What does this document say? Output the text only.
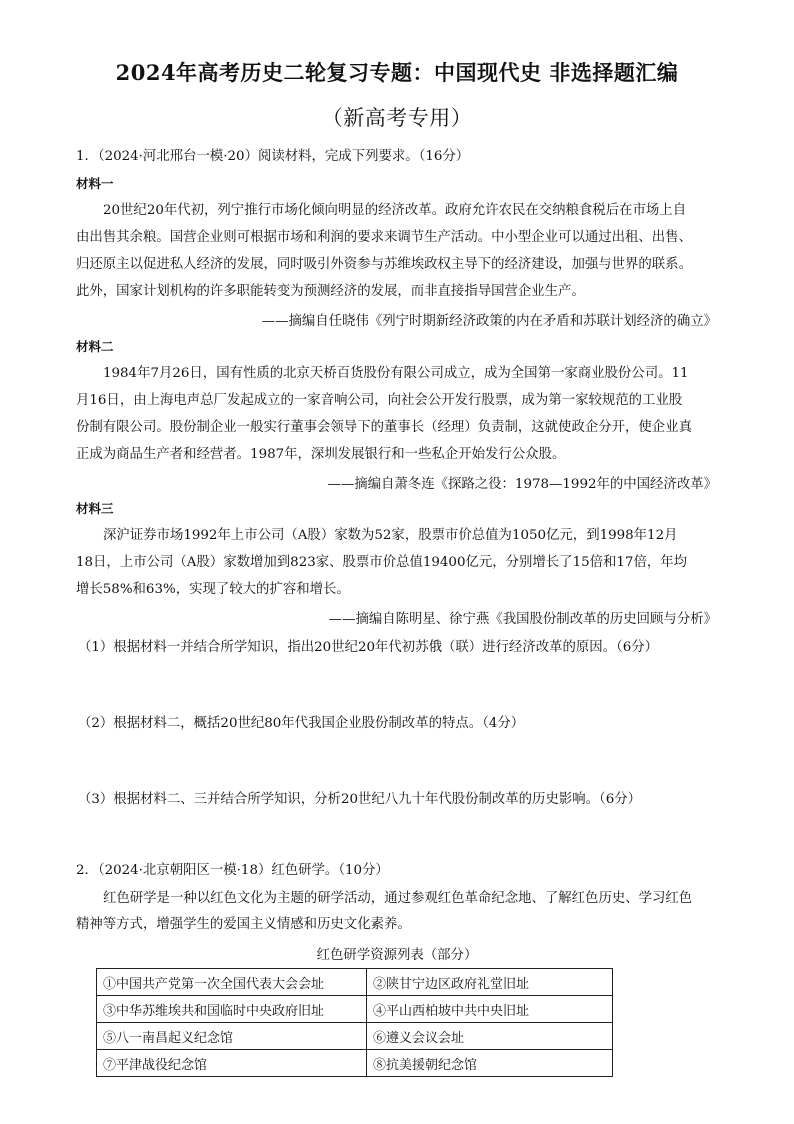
2024年高考历史二轮复习专题：中国现代史 非选择题汇编
（新高考专用）
1．（2024·河北邢台一模·20）阅读材料，完成下列要求。（16分）
材料一
20世纪20年代初，列宁推行市场化倾向明显的经济改革。政府允许农民在交纳粮食税后在市场上自
由出售其余粮。国营企业则可根据市场和利润的要求来调节生产活动。中小型企业可以通过出租、出售、
归还原主以促进私人经济的发展，同时吸引外资参与苏维埃政权主导下的经济建设，加强与世界的联系。
此外，国家计划机构的许多职能转变为预测经济的发展，而非直接指导国营企业生产。
——摘编自任晓伟《列宁时期新经济政策的内在矛盾和苏联计划经济的确立》
材料二
1984年7月26日，国有性质的北京天桥百货股份有限公司成立，成为全国第一家商业股份公司。11
月16日，由上海电声总厂发起成立的一家音响公司，向社会公开发行股票，成为第一家较规范的工业股
份制有限公司。股份制企业一般实行董事会领导下的董事长（经理）负责制，这就使政企分开，使企业真
正成为商品生产者和经营者。1987年，深圳发展银行和一些私企开始发行公众股。
——摘编自萧冬连《探路之役：1978—1992年的中国经济改革》
材料三
深沪证券市场1992年上市公司（A股）家数为52家，股票市价总值为1050亿元，到1998年12月
18日，上市公司（A股）家数增加到823家、股票市价总值19400亿元，分别增长了15倍和17倍，年均
增长58%和63%，实现了较大的扩容和增长。
——摘编自陈明星、徐宁燕《我国股份制改革的历史回顾与分析》
（1）根据材料一并结合所学知识，指出20世纪20年代初苏俄（联）进行经济改革的原因。（6分）
（2）根据材料二，概括20世纪80年代我国企业股份制改革的特点。（4分）
（3）根据材料二、三并结合所学知识，分析20世纪八九十年代股份制改革的历史影响。（6分）
2．（2024·北京朝阳区一模·18）红色研学。（10分）
红色研学是一种以红色文化为主题的研学活动，通过参观红色革命纪念地、了解红色历史、学习红色
精神等方式，增强学生的爱国主义情感和历史文化素养。
红色研学资源列表（部分）
①中国共产党第一次全国代表大会会址	②陕甘宁边区政府礼堂旧址
③中华苏维埃共和国临时中央政府旧址	④平山西柏坡中共中央旧址
⑤八一南昌起义纪念馆	⑥遵义会议会址
⑦平津战役纪念馆	⑧抗美援朝纪念馆
